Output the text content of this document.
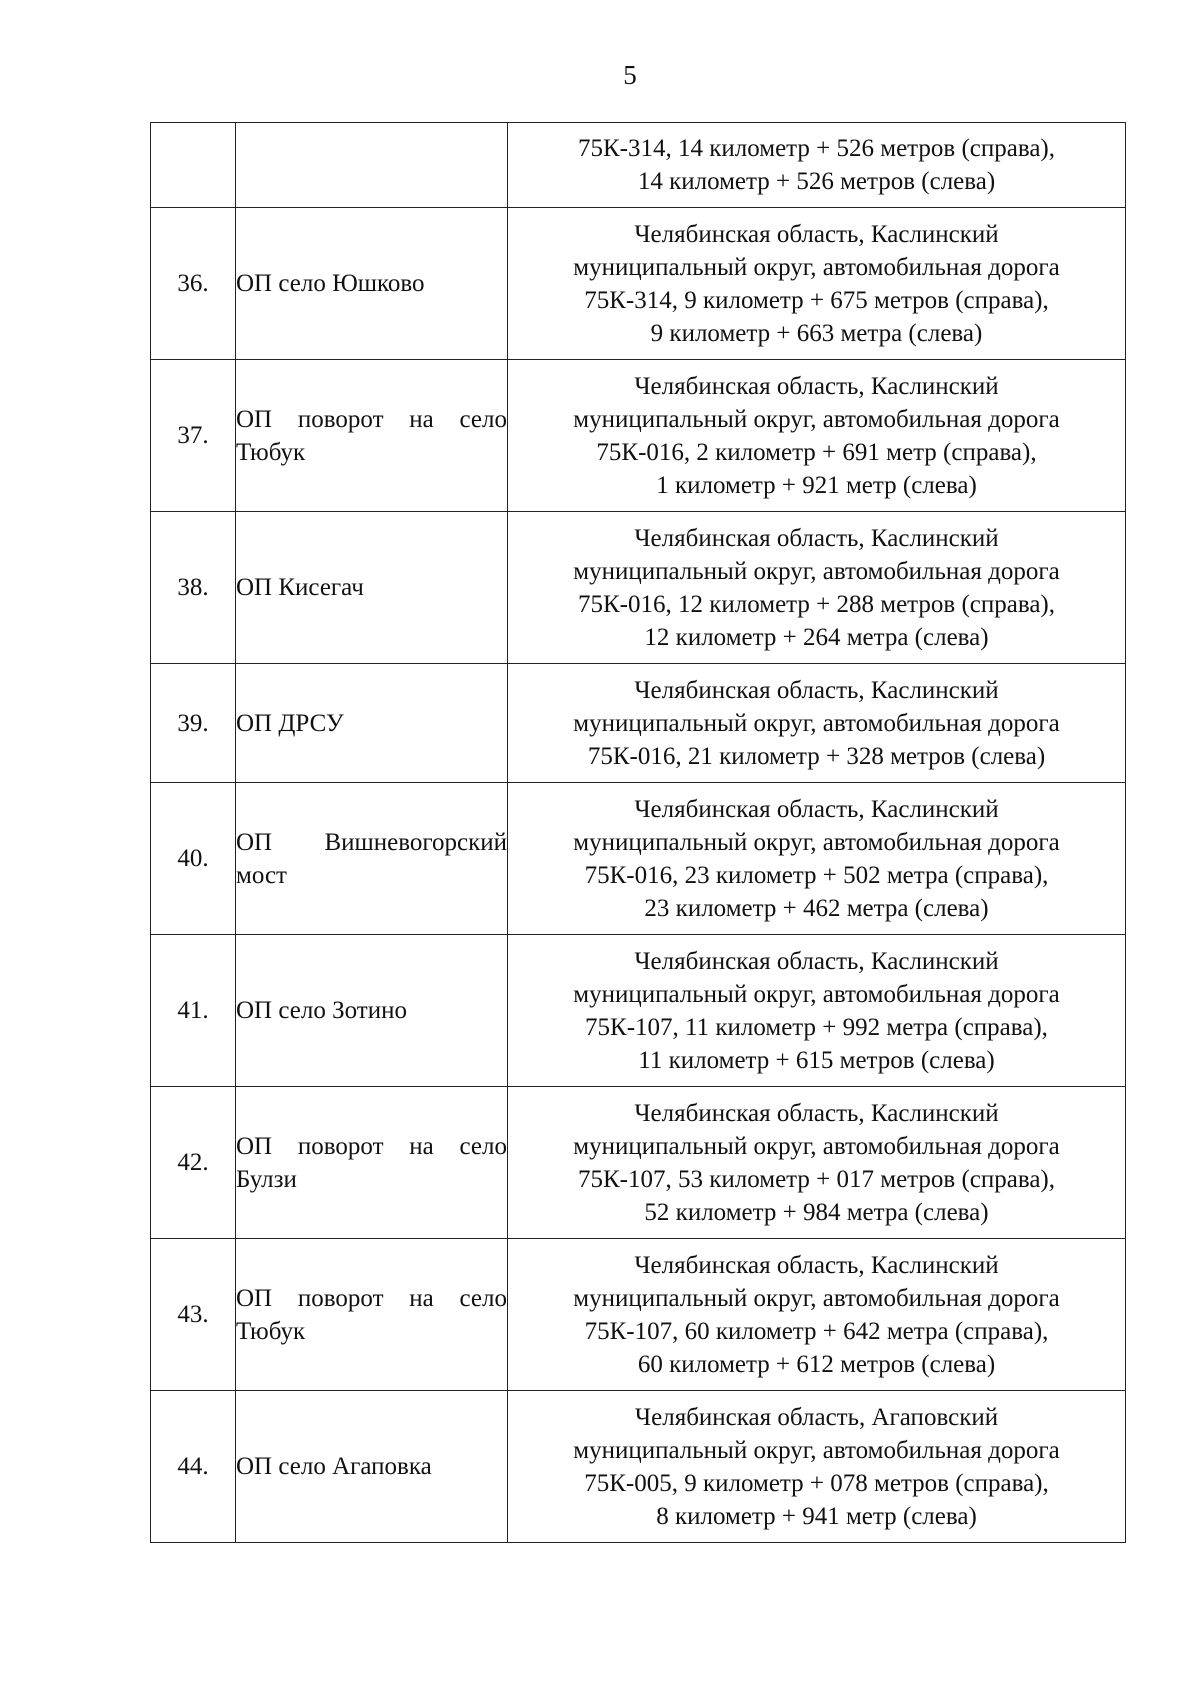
5

		75К-314, 14 километр + 526 метров (справа),
14 километр + 526 метров (слева)

36.	ОП село Юшково	Челябинская область, Каслинский
муниципальный округ, автомобильная дорога
75К-314, 9 километр + 675 метров (справа),
9 километр + 663 метра (слева)

37.	ОП поворот на село Тюбук	Челябинская область, Каслинский
муниципальный округ, автомобильная дорога
75К-016, 2 километр + 691 метр (справа),
1 километр + 921 метр (слева)

38.	ОП Кисегач	Челябинская область, Каслинский
муниципальный округ, автомобильная дорога
75К-016, 12 километр + 288 метров (справа),
12 километр + 264 метра (слева)

39.	ОП ДРСУ	Челябинская область, Каслинский
муниципальный округ, автомобильная дорога
75К-016, 21 километр + 328 метров (слева)

40.	ОП Вишневогорский мост	Челябинская область, Каслинский
муниципальный округ, автомобильная дорога
75К-016, 23 километр + 502 метра (справа),
23 километр + 462 метра (слева)

41.	ОП село Зотино	Челябинская область, Каслинский
муниципальный округ, автомобильная дорога
75К-107, 11 километр + 992 метра (справа),
11 километр + 615 метров (слева)

42.	ОП поворот на село Булзи	Челябинская область, Каслинский
муниципальный округ, автомобильная дорога
75К-107, 53 километр + 017 метров (справа),
52 километр + 984 метра (слева)

43.	ОП поворот на село Тюбук	Челябинская область, Каслинский
муниципальный округ, автомобильная дорога
75К-107, 60 километр + 642 метра (справа),
60 километр + 612 метров (слева)

44.	ОП село Агаповка	Челябинская область, Агаповский
муниципальный округ, автомобильная дорога
75К-005, 9 километр + 078 метров (справа),
8 километр + 941 метр (слева)
